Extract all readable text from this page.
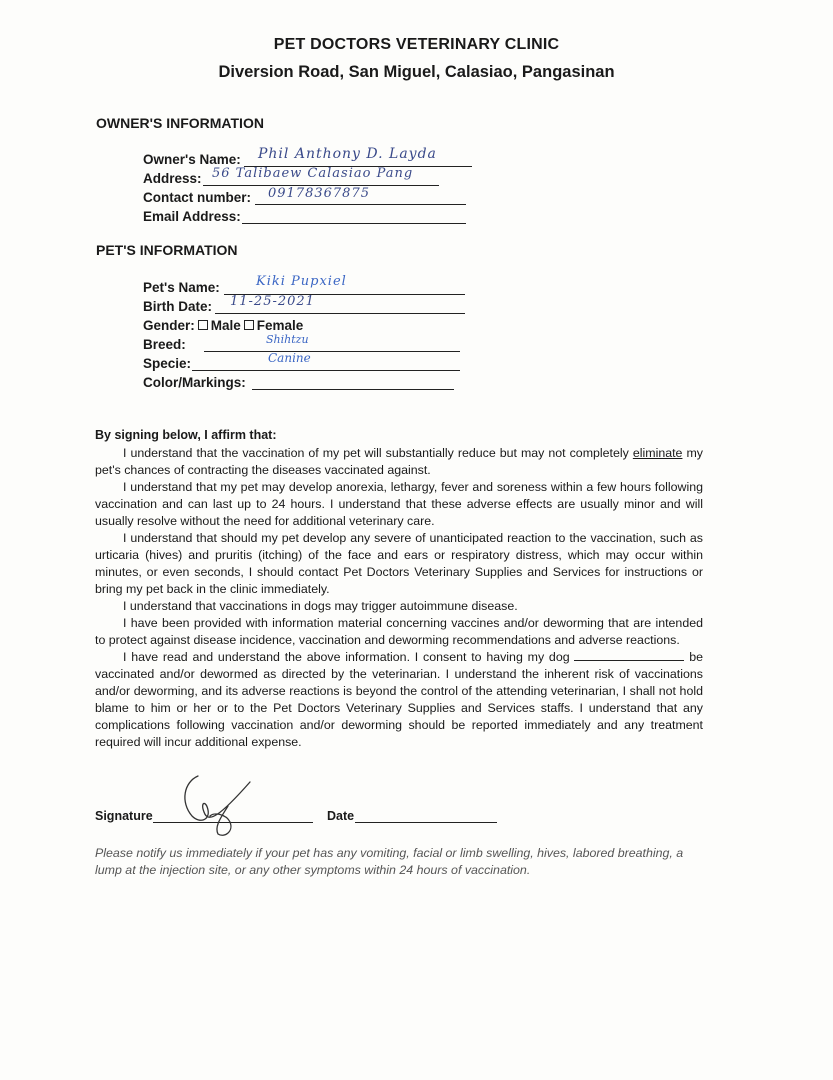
PET DOCTORS VETERINARY CLINIC
Diversion Road, San Miguel, Calasiao, Pangasinan
OWNER'S INFORMATION
Owner's Name: Phil Anthony D. Layda
Address: 56 Talibaew Calasiao Pang
Contact number: 09178367875
Email Address:
PET'S INFORMATION
Pet's Name:	Kiki Pupxiel
Birth Date: 11-25-2021
Gender: Male Female
Breed:	Shihtzu
Specie:	Canine
Color/Markings:
By signing below, I affirm that:

I understand that the vaccination of my pet will substantially reduce but may not completely eliminate my pet's chances of contracting the diseases vaccinated against.

I understand that my pet may develop anorexia, lethargy, fever and soreness within a few hours following vaccination and can last up to 24 hours. I understand that these adverse effects are usually minor and will usually resolve without the need for additional veterinary care.

I understand that should my pet develop any severe of unanticipated reaction to the vaccination, such as urticaria (hives) and pruritis (itching) of the face and ears or respiratory distress, which may occur within minutes, or even seconds, I should contact Pet Doctors Veterinary Supplies and Services for instructions or bring my pet back in the clinic immediately.

I understand that vaccinations in dogs may trigger autoimmune disease.

I have been provided with information material concerning vaccines and/or deworming that are intended to protect against disease incidence, vaccination and deworming recommendations and adverse reactions.

I have read and understand the above information. I consent to having my dog	be vaccinated and/or dewormed as directed by the veterinarian. I understand the inherent risk of vaccinations and/or deworming, and its adverse reactions is beyond the control of the attending veterinarian, I shall not hold blame to him or her or to the Pet Doctors Veterinary Supplies and Services staffs. I understand that any complications following vaccination and/or deworming should be reported immediately and any treatment required will incur additional expense.

Signature	Date
Please notify us immediately if your pet has any vomiting, facial or limb swelling, hives, labored breathing, a lump at the injection site, or any other symptoms within 24 hours of vaccination.
